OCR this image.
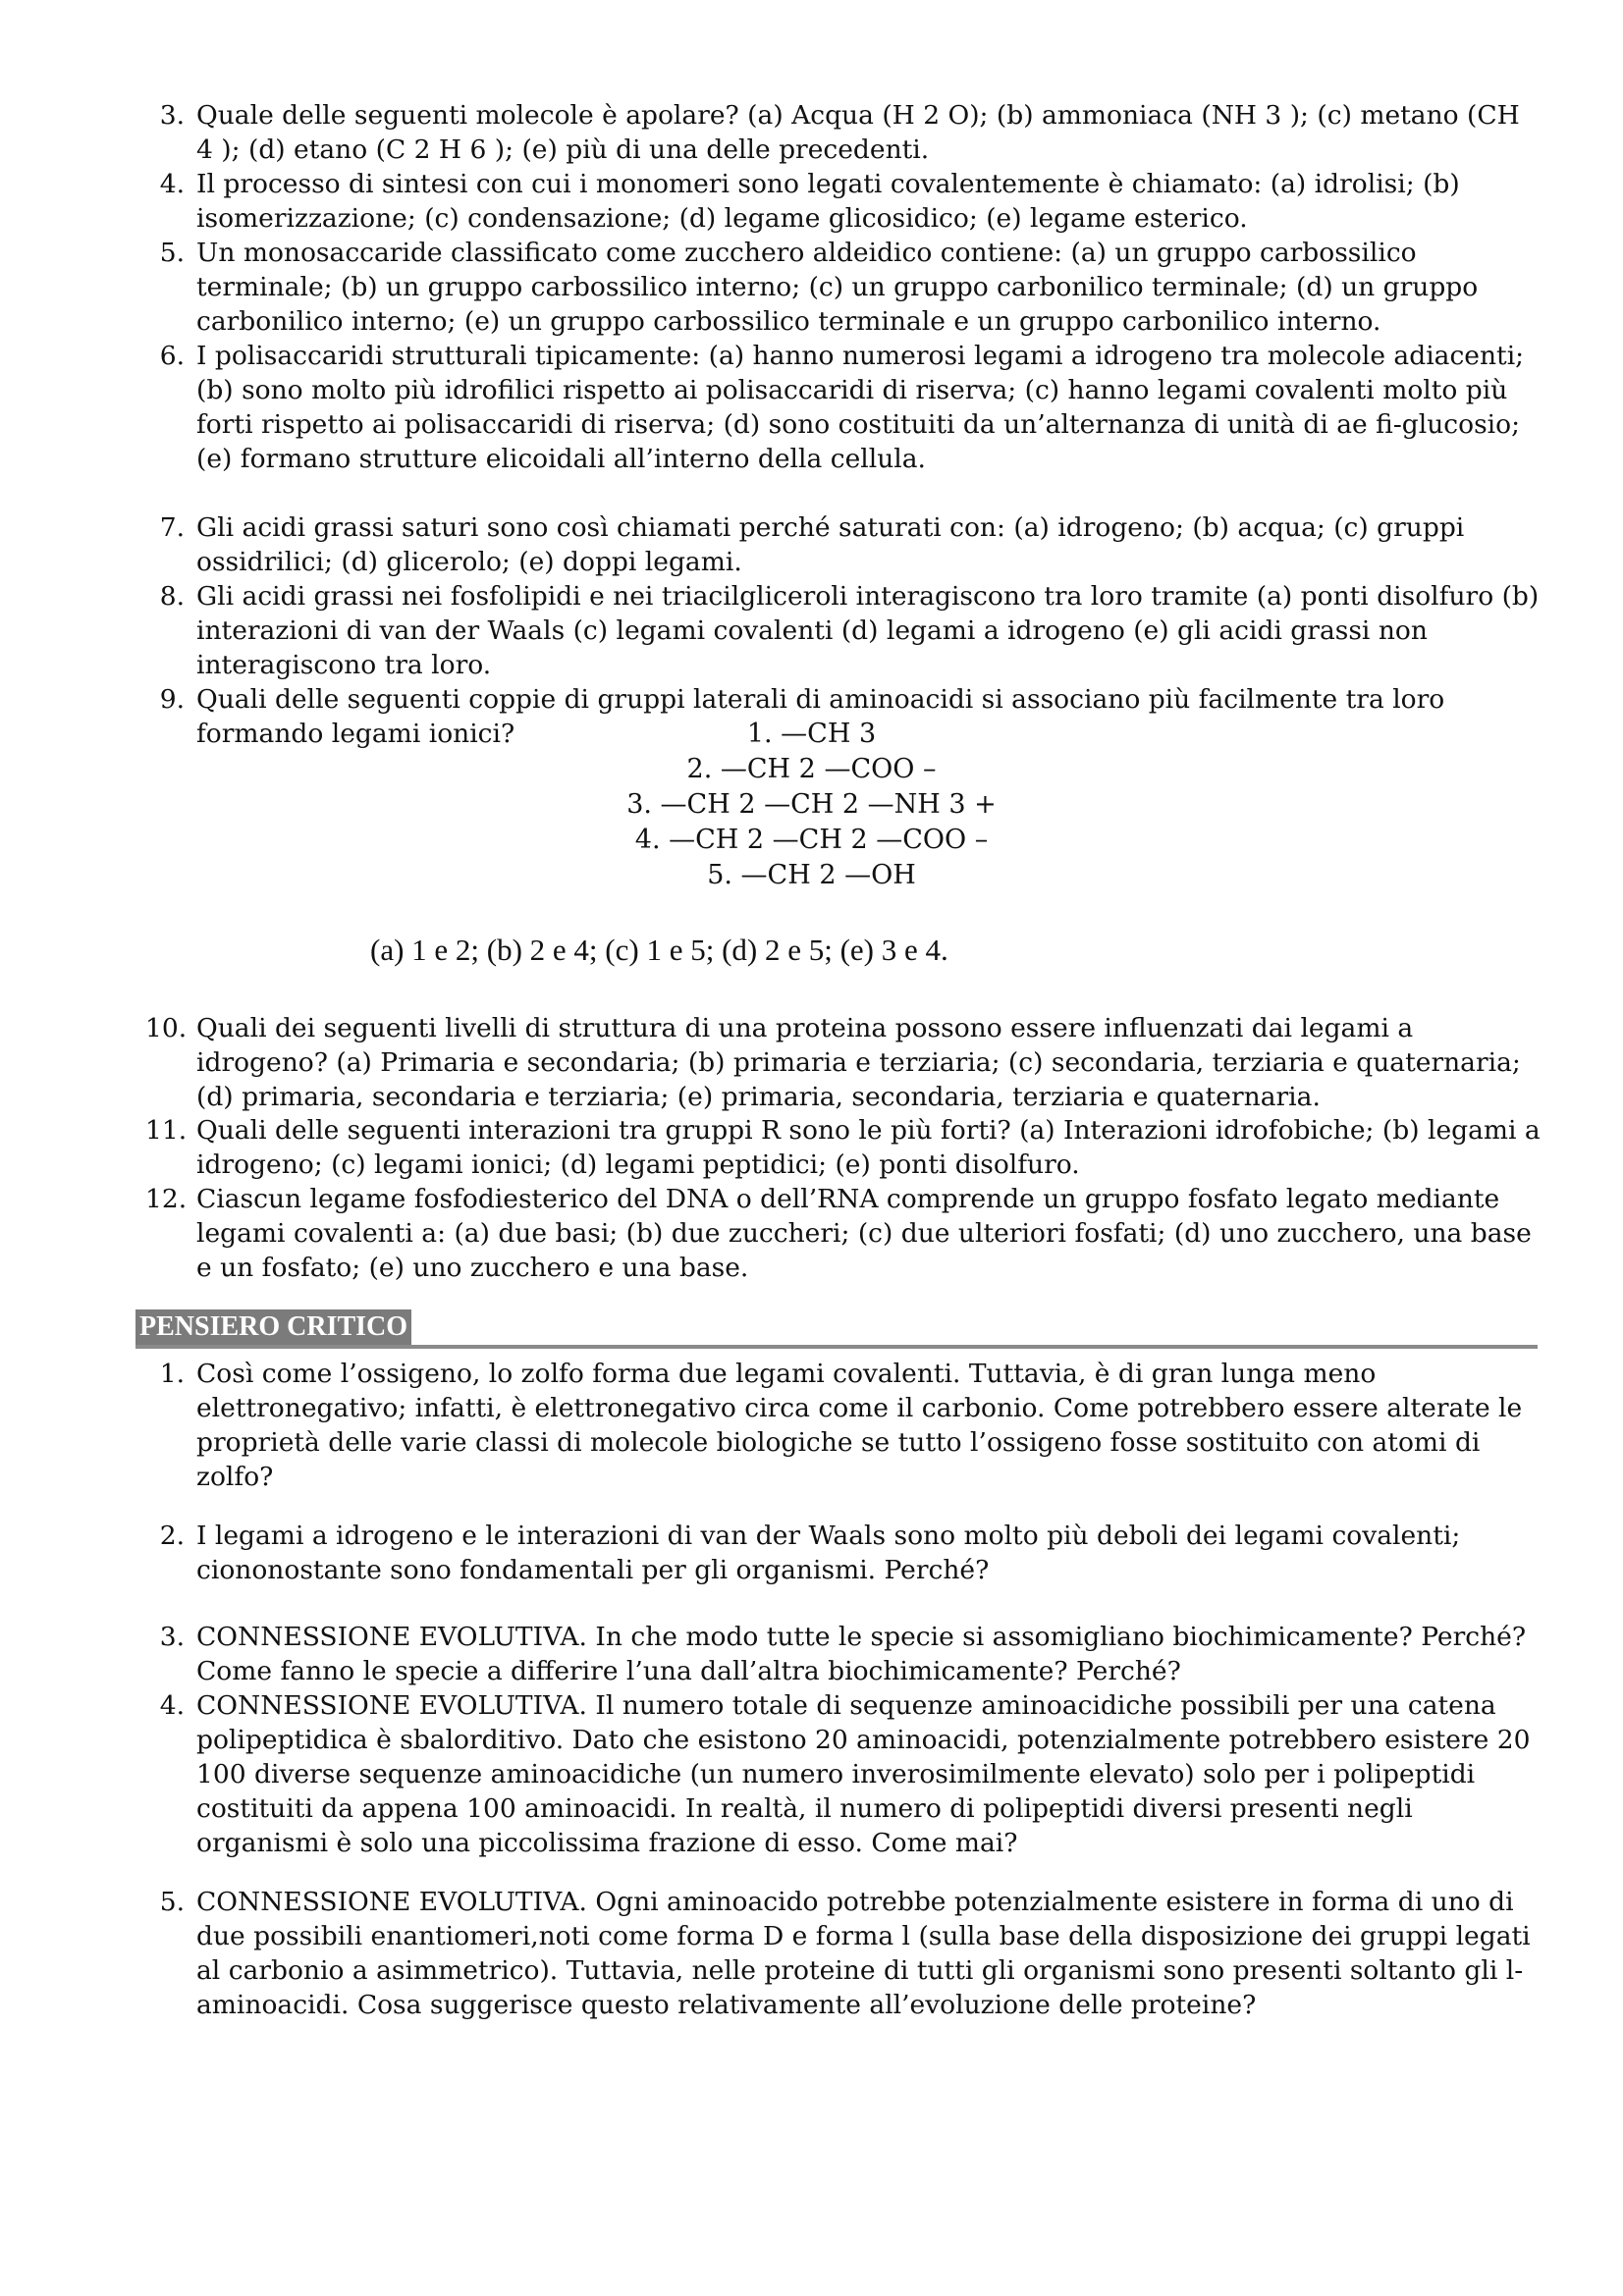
3. Quale delle seguenti molecole è apolare? (a) Acqua (H 2 O); (b) ammoniaca (NH 3 ); (c) metano (CH 4 ); (d) etano (C 2 H 6 ); (e) più di una delle precedenti.
4. Il processo di sintesi con cui i monomeri sono legati covalentemente è chiamato: (a) idrolisi; (b) isomerizzazione; (c) condensazione; (d) legame glicosidico; (e) legame esterico.
5. Un monosaccaride classificato come zucchero aldeidico contiene: (a) un gruppo carbossilico terminale; (b) un gruppo carbossilico interno; (c) un gruppo carbonilico terminale; (d) un gruppo carbonilico interno; (e) un gruppo carbossilico terminale e un gruppo carbonilico interno.
6. I polisaccaridi strutturali tipicamente: (a) hanno numerosi legami a idrogeno tra molecole adiacenti; (b) sono molto più idrofilici rispetto ai polisaccaridi di riserva; (c) hanno legami covalenti molto più forti rispetto ai polisaccaridi di riserva; (d) sono costituiti da un’alternanza di unità di ae fi-glucosio; (e) formano strutture elicoidali all’interno della cellula.
7. Gli acidi grassi saturi sono così chiamati perché saturati con: (a) idrogeno; (b) acqua; (c) gruppi ossidrilici; (d) glicerolo; (e) doppi legami.
8. Gli acidi grassi nei fosfolipidi e nei triacilgliceroli interagiscono tra loro tramite (a) ponti disolfuro (b) interazioni di van der Waals (c) legami covalenti (d) legami a idrogeno (e) gli acidi grassi non interagiscono tra loro.
9. Quali delle seguenti coppie di gruppi laterali di aminoacidi si associano più facilmente tra loro formando legami ionici?	1. —CH 3
2. —CH 2 —COO –
3. —CH 2 —CH 2 —NH 3 +
4. —CH 2 —CH 2 —COO –
5. —CH 2 —OH
(a) 1 e 2; (b) 2 e 4; (c) 1 e 5; (d) 2 e 5; (e) 3 e 4.
10. Quali dei seguenti livelli di struttura di una proteina possono essere influenzati dai legami a idrogeno? (a) Primaria e secondaria; (b) primaria e terziaria; (c) secondaria, terziaria e quaternaria; (d) primaria, secondaria e terziaria; (e) primaria, secondaria, terziaria e quaternaria.
11. Quali delle seguenti interazioni tra gruppi R sono le più forti? (a) Interazioni idrofobiche; (b) legami a idrogeno; (c) legami ionici; (d) legami peptidici; (e) ponti disolfuro.
12. Ciascun legame fosfodiesterico del DNA o dell’RNA comprende un gruppo fosfato legato mediante legami covalenti a: (a) due basi; (b) due zuccheri; (c) due ulteriori fosfati; (d) uno zucchero, una base e un fosfato; (e) uno zucchero e una base.
PENSIERO CRITICO
1. Così come l’ossigeno, lo zolfo forma due legami covalenti. Tuttavia, è di gran lunga meno elettronegativo; infatti, è elettronegativo circa come il carbonio. Come potrebbero essere alterate le proprietà delle varie classi di molecole biologiche se tutto l’ossigeno fosse sostituito con atomi di zolfo?
2. I legami a idrogeno e le interazioni di van der Waals sono molto più deboli dei legami covalenti; ciononostante sono fondamentali per gli organismi. Perché?
3. CONNESSIONE EVOLUTIVA. In che modo tutte le specie si assomigliano biochimicamente? Perché? Come fanno le specie a differire l’una dall’altra biochimicamente? Perché?
4. CONNESSIONE EVOLUTIVA. Il numero totale di sequenze aminoacidiche possibili per una catena polipeptidica è sbalorditivo. Dato che esistono 20 aminoacidi, potenzialmente potrebbero esistere 20 100 diverse sequenze aminoacidiche (un numero inverosimilmente elevato) solo per i polipeptidi costituiti da appena 100 aminoacidi. In realtà, il numero di polipeptidi diversi presenti negli organismi è solo una piccolissima frazione di esso. Come mai?
5. CONNESSIONE EVOLUTIVA. Ogni aminoacido potrebbe potenzialmente esistere in forma di uno di due possibili enantiomeri,noti come forma D e forma l (sulla base della disposizione dei gruppi legati al carbonio a asimmetrico). Tuttavia, nelle proteine di tutti gli organismi sono presenti soltanto gli l-aminoacidi. Cosa suggerisce questo relativamente all’evoluzione delle proteine?
